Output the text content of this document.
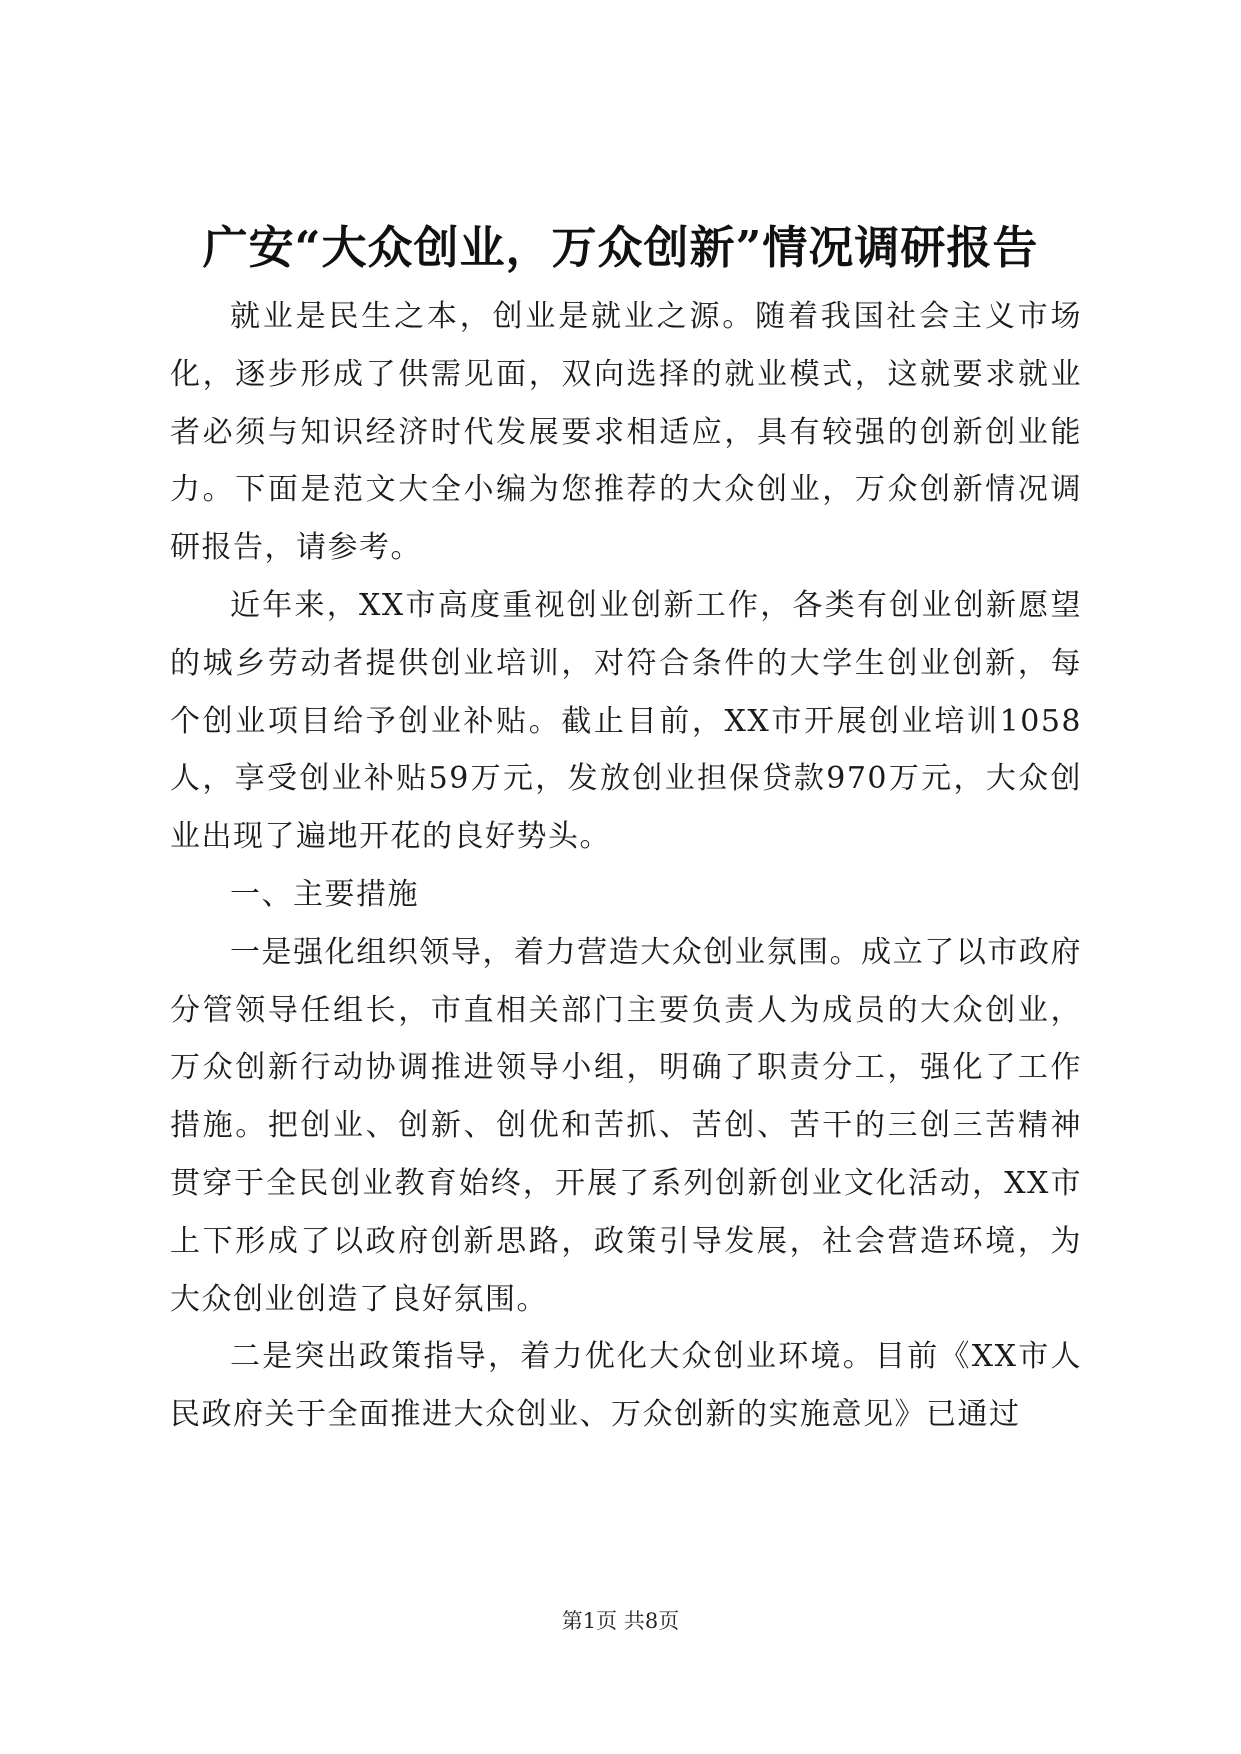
广安“大众创业，万众创新”情况调研报告

就业是民生之本，创业是就业之源。随着我国社会主义市场化，逐步形成了供需见面，双向选择的就业模式，这就要求就业者必须与知识经济时代发展要求相适应，具有较强的创新创业能力。下面是范文大全小编为您推荐的大众创业，万众创新情况调研报告，请参考。

近年来，XX市高度重视创业创新工作，各类有创业创新愿望的城乡劳动者提供创业培训，对符合条件的大学生创业创新，每个创业项目给予创业补贴。截止目前，XX市开展创业培训1058人，享受创业补贴59万元，发放创业担保贷款970万元，大众创业出现了遍地开花的良好势头。

一、主要措施

一是强化组织领导，着力营造大众创业氛围。成立了以市政府分管领导任组长，市直相关部门主要负责人为成员的大众创业，万众创新行动协调推进领导小组，明确了职责分工，强化了工作措施。把创业、创新、创优和苦抓、苦创、苦干的三创三苦精神贯穿于全民创业教育始终，开展了系列创新创业文化活动，XX市上下形成了以政府创新思路，政策引导发展，社会营造环境，为大众创业创造了良好氛围。

二是突出政策指导，着力优化大众创业环境。目前《XX市人民政府关于全面推进大众创业、万众创新的实施意见》已通过

第1页 共8页
